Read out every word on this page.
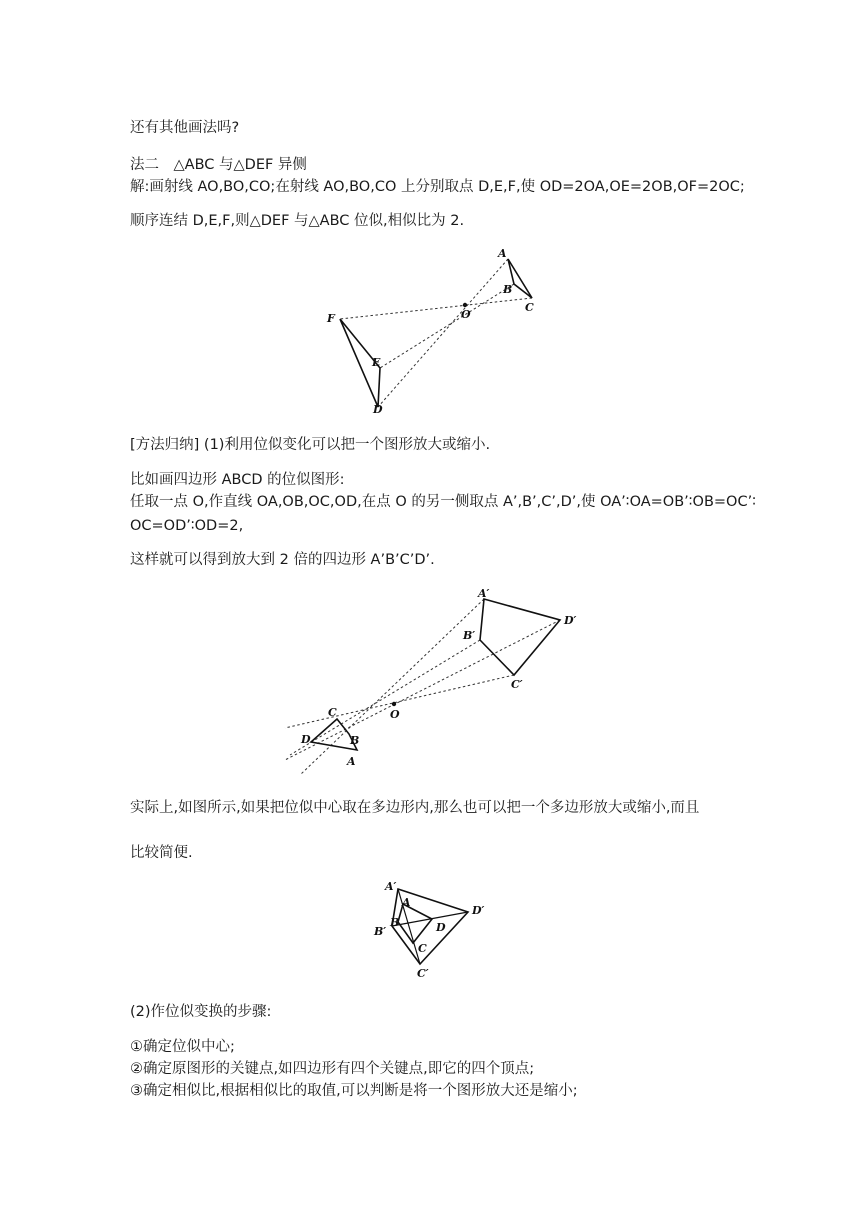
还有其他画法吗?
法二　△ABC 与△DEF 异侧
解:画射线 AO,BO,CO;在射线 AO,BO,CO 上分别取点 D,E,F,使 OD=2OA,OE=2OB,OF=2OC;
顺序连结 D,E,F,则△DEF 与△ABC 位似,相似比为 2.
A
B
C
O
F
E
D
[方法归纳] (1)利用位似变化可以把一个图形放大或缩小.
比如画四边形 ABCD 的位似图形:
任取一点 O,作直线 OA,OB,OC,OD,在点 O 的另一侧取点 A’,B’,C’,D’,使 OA’∶OA=OB’∶OB=OC’∶
OC=OD’∶OD=2,
这样就可以得到放大到 2 倍的四边形 A’B’C’D’.
A′
D′
B′
C′
O
C
D	B
A
实际上,如图所示,如果把位似中心取在多边形内,那么也可以把一个多边形放大或缩小,而且
比较简便.
A′
A
D′
B	D
B′
C
C′
(2)作位似变换的步骤:
①确定位似中心;
②确定原图形的关键点,如四边形有四个关键点,即它的四个顶点;
③确定相似比,根据相似比的取值,可以判断是将一个图形放大还是缩小;
